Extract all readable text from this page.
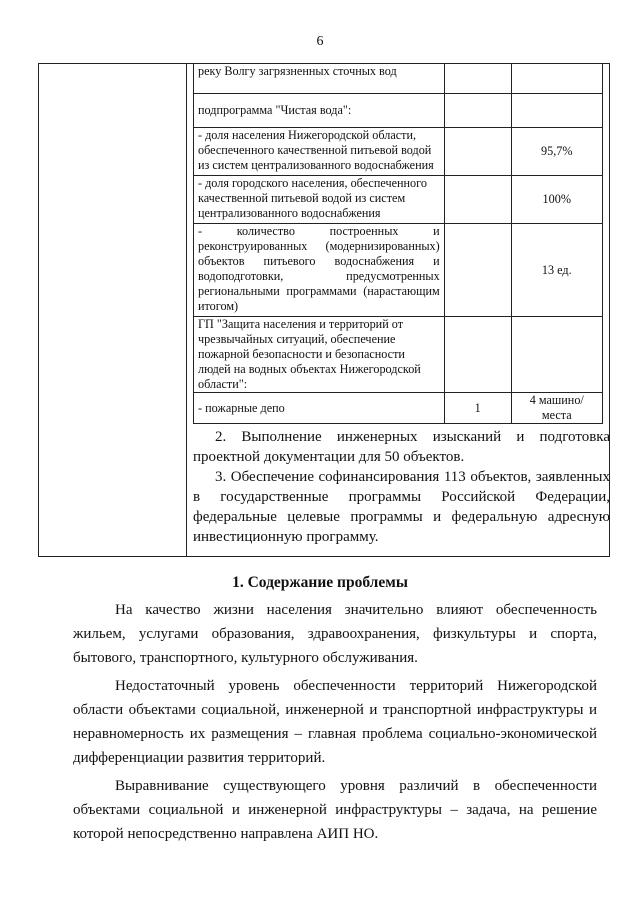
6
реку Волгу загрязненных сточных вод		
подпрограмма "Чистая вода":		
- доля населения Нижегородской области, обеспеченного качественной питьевой водой из систем централизованного водоснабжения		95,7%
- доля городского населения, обеспеченного качественной питьевой водой из систем централизованного водоснабжения		100%
- количество построенных и реконструированных (модернизированных) объектов питьевого водоснабжения и водоподготовки, предусмотренных региональными программами (нарастающим итогом)		13 ед.
ГП "Защита населения и территорий от чрезвычайных ситуаций, обеспечение пожарной безопасности и безопасности людей на водных объектах Нижегородской области":		
- пожарные депо	1	4 машино/места

2. Выполнение инженерных изысканий и подготовка проектной документации для 50 объектов.

3. Обеспечение софинансирования 113 объектов, заявленных в государственные программы Российской Федерации, федеральные целевые программы и федеральную адресную инвестиционную программу.

1. Содержание проблемы

На качество жизни населения значительно влияют обеспеченность жильем, услугами образования, здравоохранения, физкультуры и спорта, бытового, транспортного, культурного обслуживания.

Недостаточный уровень обеспеченности территорий Нижегородской области объектами социальной, инженерной и транспортной инфраструктуры и неравномерность их размещения – главная проблема социально-экономической дифференциации развития территорий.

Выравнивание существующего уровня различий в обеспеченности объектами социальной и инженерной инфраструктуры – задача, на решение которой непосредственно направлена АИП НО.
